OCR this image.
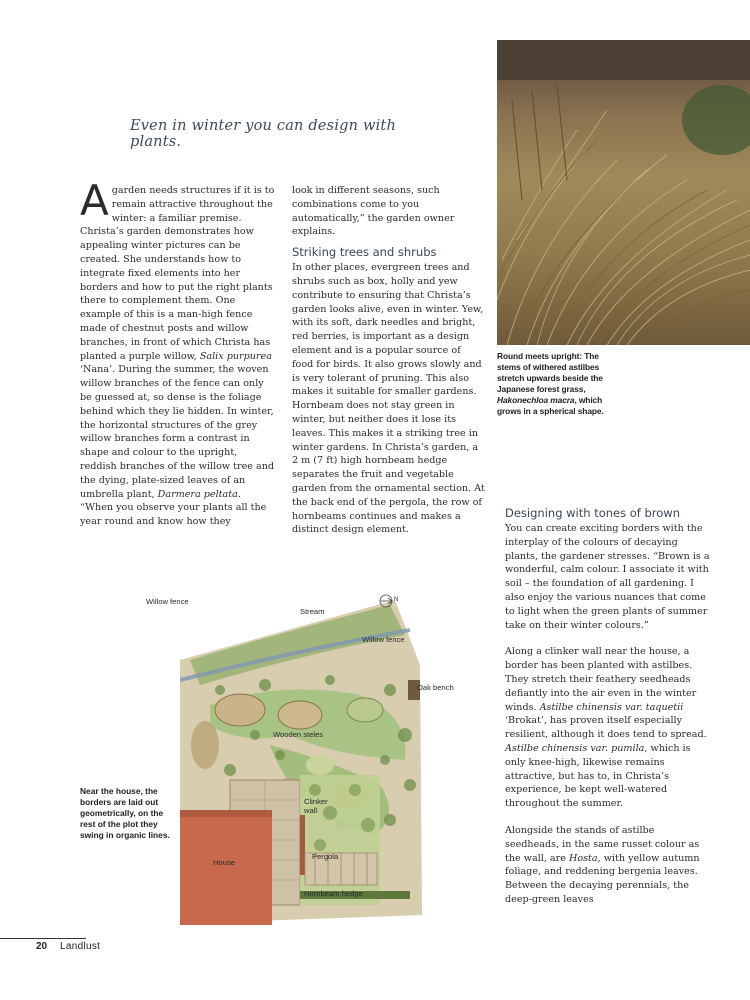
Round meets upright: The stems of withered astilbes stretch upwards beside the Japanese forest grass, Hakonechloa macra, which grows in a spherical shape.
Even in winter you can design with plants.

A garden needs structures if it is to remain attractive throughout the winter: a familiar premise. Christa’s garden demonstrates how appealing winter pictures can be created. She understands how to integrate fixed elements into her borders and how to put the right plants there to complement them. One example of this is a man-high fence made of chestnut posts and willow branches, in front of which Christa has planted a purple willow, Salix purpurea ‘Nana’. During the summer, the woven willow branches of the fence can only be guessed at, so dense is the foliage behind which they lie hidden. In winter, the horizontal structures of the grey willow branches form a contrast in shape and colour to the upright, reddish branches of the willow tree and the dying, plate-sized leaves of an umbrella plant, Darmera peltata. “When you observe your plants all the year round and know how they

look in different seasons, such combinations come to you automatically,” the garden owner explains.

Striking trees and shrubs

In other places, evergreen trees and shrubs such as box, holly and yew contribute to ensuring that Christa’s garden looks alive, even in winter. Yew, with its soft, dark needles and bright, red berries, is important as a design element and is a popular source of food for birds. It also grows slowly and is very tolerant of pruning. This also makes it suitable for smaller gardens.

Hornbeam does not stay green in winter, but neither does it lose its leaves. This makes it a striking tree in winter gardens. In Christa’s garden, a 2 m (7 ft) high hornbeam hedge separates the fruit and vegetable garden from the ornamental section. At the back end of the pergola, the row of hornbeams continues and makes a distinct design element.

Designing with tones of brown

You can create exciting borders with the interplay of the colours of decaying plants, the gardener stresses. “Brown is a wonderful, calm colour. I associate it with soil – the foundation of all gardening. I also enjoy the various nuances that come to light when the green plants of summer take on their winter colours.”

Along a clinker wall near the house, a border has been planted with astilbes. They stretch their feathery seedheads defiantly into the air even in the winter winds. Astilbe chinensis var. taquetii ‘Brokat’, has proven itself especially resilient, although it does tend to spread. Astilbe chinensis var. pumila, which is only knee-high, likewise remains attractive, but has to, in Christa’s experience, be kept well-watered throughout the summer.

Alongside the stands of astilbe seedheads, in the same russet colour as the wall, are Hosta, with yellow autumn foliage, and reddening bergenia leaves. Between the decaying perennials, the deep-green leaves

Willow fence
Stream
N
Willow fence
Oak bench
Wooden steles
Clinker wall
Pergola
House
Hornbeam hedge
Near the house, the borders are laid out geometrically, on the rest of the plot they swing in organic lines.
20 Landlust
